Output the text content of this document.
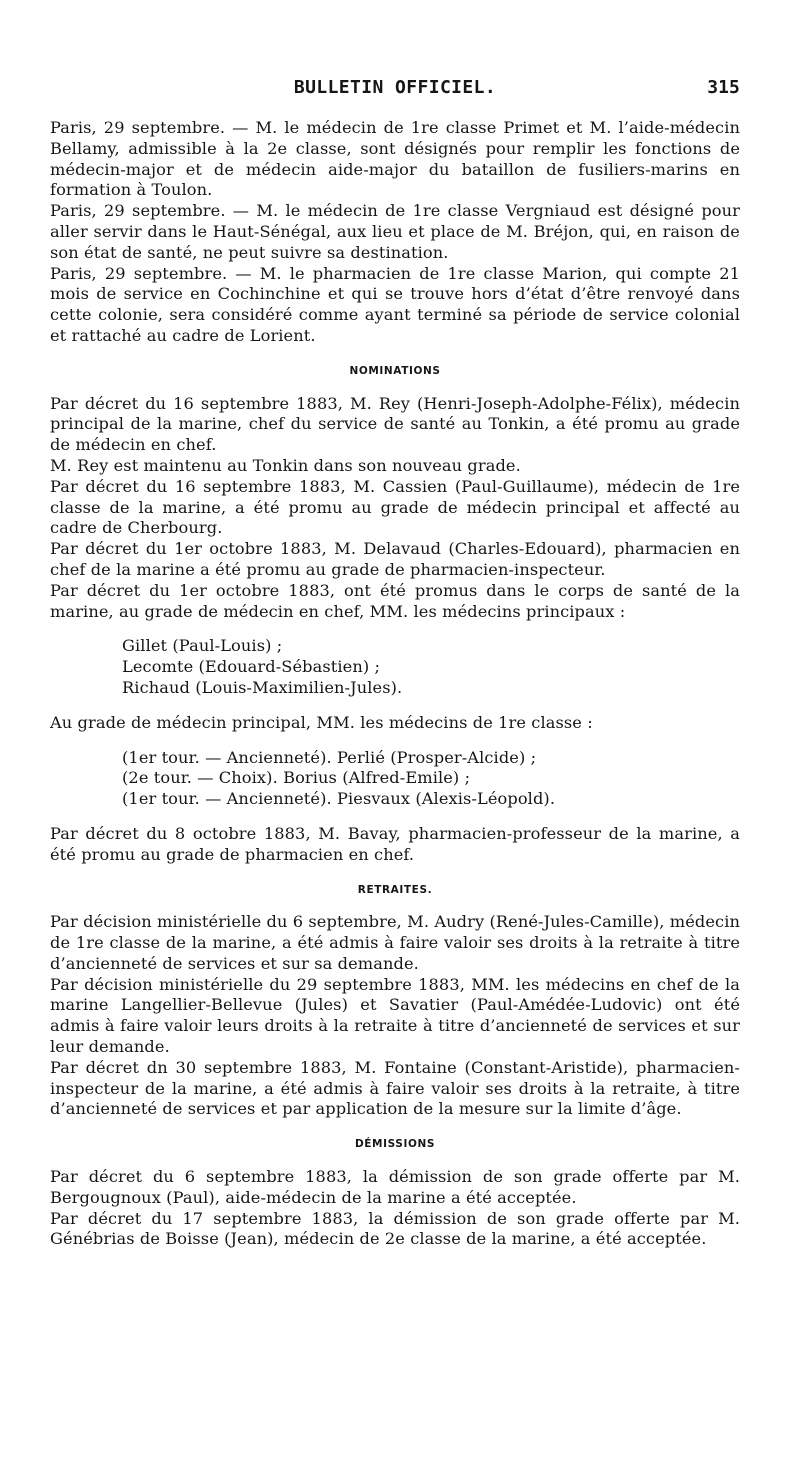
BULLETIN OFFICIEL.	315

Paris, 29 septembre. — M. le médecin de 1re classe Primet et M. l’aide-médecin Bellamy, admissible à la 2e classe, sont désignés pour remplir les fonctions de médecin-major et de médecin aide-major du bataillon de fusiliers-marins en formation à Toulon.

Paris, 29 septembre. — M. le médecin de 1re classe Vergniaud est désigné pour aller servir dans le Haut-Sénégal, aux lieu et place de M. Bréjon, qui, en raison de son état de santé, ne peut suivre sa destination.

Paris, 29 septembre. — M. le pharmacien de 1re classe Marion, qui compte 21 mois de service en Cochinchine et qui se trouve hors d’état d’être renvoyé dans cette colonie, sera considéré comme ayant terminé sa période de service colonial et rattaché au cadre de Lorient.

NOMINATIONS

Par décret du 16 septembre 1883, M. Rey (Henri-Joseph-Adolphe-Félix), médecin principal de la marine, chef du service de santé au Tonkin, a été promu au grade de médecin en chef.

M. Rey est maintenu au Tonkin dans son nouveau grade.

Par décret du 16 septembre 1883, M. Cassien (Paul-Guillaume), médecin de 1re classe de la marine, a été promu au grade de médecin principal et affecté au cadre de Cherbourg.

Par décret du 1er octobre 1883, M. Delavaud (Charles-Edouard), pharmacien en chef de la marine a été promu au grade de pharmacien-inspecteur.

Par décret du 1er octobre 1883, ont été promus dans le corps de santé de la marine, au grade de médecin en chef, MM. les médecins principaux :

Gillet (Paul-Louis) ;
Lecomte (Edouard-Sébastien) ;
Richaud (Louis-Maximilien-Jules).

Au grade de médecin principal, MM. les médecins de 1re classe :

(1er tour. — Ancienneté). Perlié (Prosper-Alcide) ;
(2e tour. — Choix). Borius (Alfred-Emile) ;
(1er tour. — Ancienneté). Piesvaux (Alexis-Léopold).

Par décret du 8 octobre 1883, M. Bavay, pharmacien-professeur de la marine, a été promu au grade de pharmacien en chef.

RETRAITES.

Par décision ministérielle du 6 septembre, M. Audry (René-Jules-Camille), médecin de 1re classe de la marine, a été admis à faire valoir ses droits à la retraite à titre d’ancienneté de services et sur sa demande.

Par décision ministérielle du 29 septembre 1883, MM. les médecins en chef de la marine Langellier-Bellevue (Jules) et Savatier (Paul-Amédée-Ludovic) ont été admis à faire valoir leurs droits à la retraite à titre d’ancienneté de services et sur leur demande.

Par décret dn 30 septembre 1883, M. Fontaine (Constant-Aristide), pharmacien-inspecteur de la marine, a été admis à faire valoir ses droits à la retraite, à titre d’ancienneté de services et par application de la mesure sur la limite d’âge.

DÉMISSIONS

Par décret du 6 septembre 1883, la démission de son grade offerte par M. Bergougnoux (Paul), aide-médecin de la marine a été acceptée.

Par décret du 17 septembre 1883, la démission de son grade offerte par M. Génébrias de Boisse (Jean), médecin de 2e classe de la marine, a été acceptée.
